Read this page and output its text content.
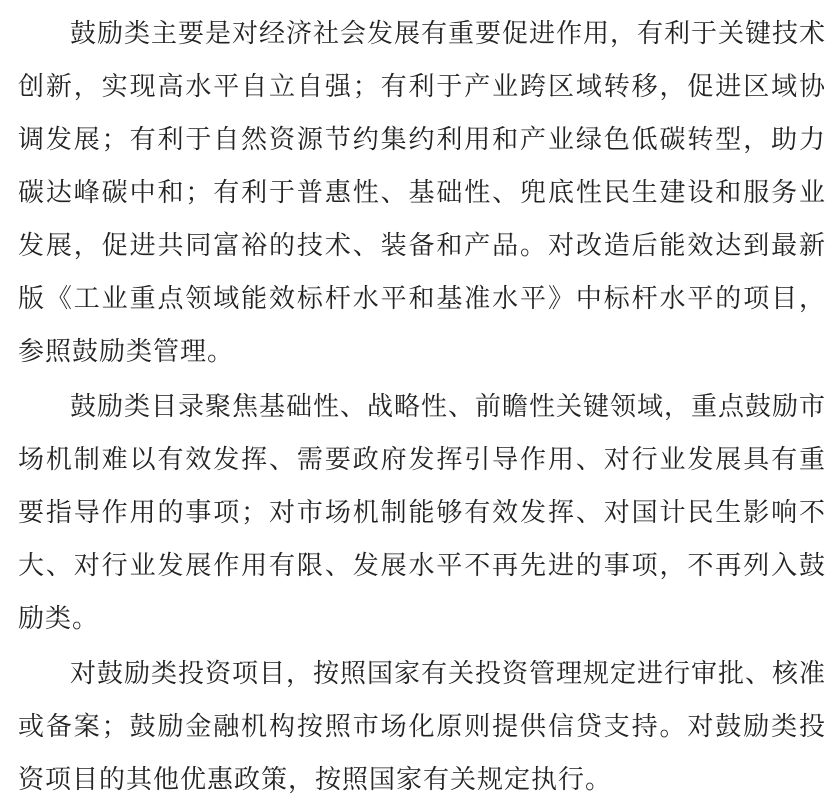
鼓励类主要是对经济社会发展有重要促进作用，有利于关键技术创新，实现高水平自立自强；有利于产业跨区域转移，促进区域协调发展；有利于自然资源节约集约利用和产业绿色低碳转型，助力碳达峰碳中和；有利于普惠性、基础性、兜底性民生建设和服务业发展，促进共同富裕的技术、装备和产品。对改造后能效达到最新版《工业重点领域能效标杆水平和基准水平》中标杆水平的项目，参照鼓励类管理。

鼓励类目录聚焦基础性、战略性、前瞻性关键领域，重点鼓励市场机制难以有效发挥、需要政府发挥引导作用、对行业发展具有重要指导作用的事项；对市场机制能够有效发挥、对国计民生影响不大、对行业发展作用有限、发展水平不再先进的事项，不再列入鼓励类。

对鼓励类投资项目，按照国家有关投资管理规定进行审批、核准或备案；鼓励金融机构按照市场化原则提供信贷支持。对鼓励类投资项目的其他优惠政策，按照国家有关规定执行。
